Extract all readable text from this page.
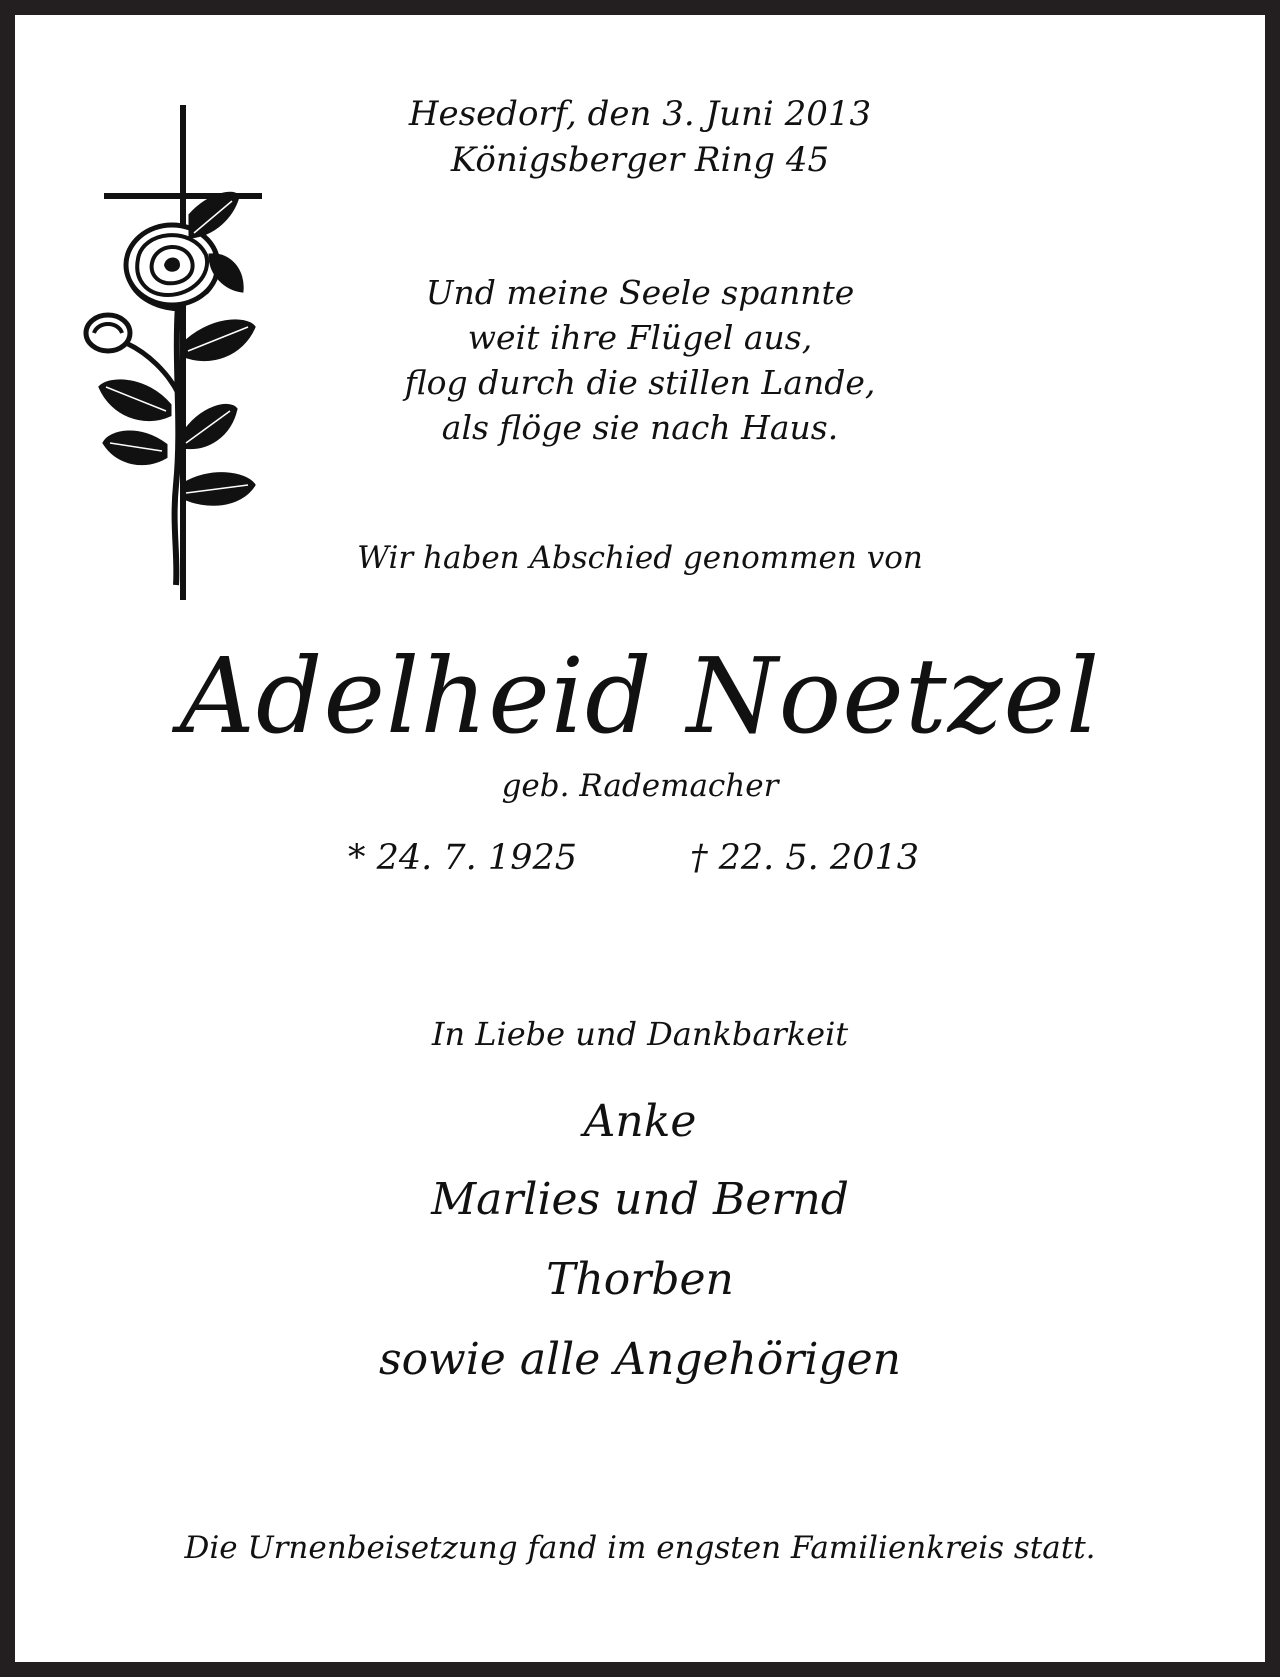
Hesedorf, den 3. Juni 2013
Königsberger Ring 45
Und meine Seele spannte
weit ihre Flügel aus,
flog durch die stillen Lande,
als flöge sie nach Haus.
Wir haben Abschied genommen von
Adelheid Noetzel
geb. Rademacher
* 24. 7. 1925	† 22. 5. 2013
In Liebe und Dankbarkeit
Anke
Marlies und Bernd
Thorben
sowie alle Angehörigen
Die Urnenbeisetzung fand im engsten Familienkreis statt.
